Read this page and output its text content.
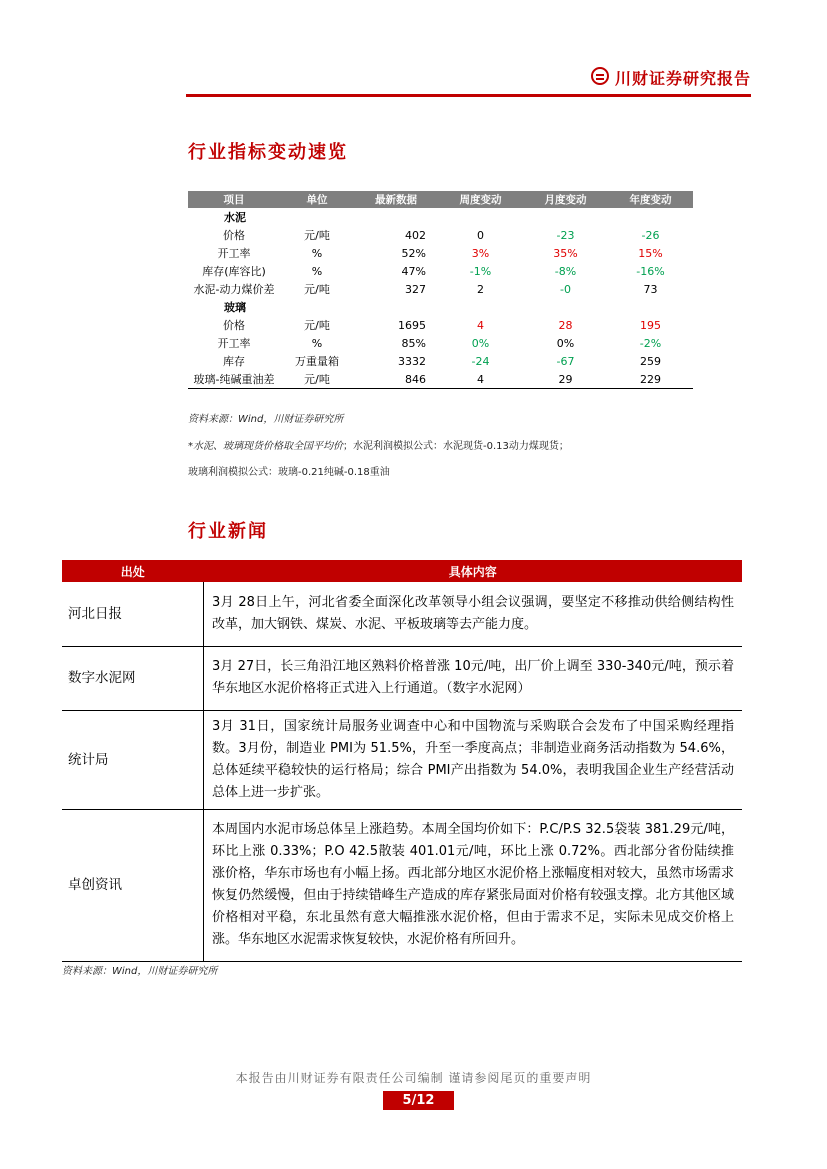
川财证券研究报告
行业指标变动速览
项目	单位	最新数据	周度变动	月度变动	年度变动
水泥					
价格	元/吨	402	0	-23	-26
开工率	%	52%	3%	35%	15%
库存(库容比)	%	47%	-1%	-8%	-16%
水泥-动力煤价差	元/吨	327	2	-0	73
玻璃					
价格	元/吨	1695	4	28	195
开工率	%	85%	0%	0%	-2%
库存	万重量箱	3332	-24	-67	259
玻璃-纯碱重油差	元/吨	846	4	29	229
资料来源：Wind，川财证券研究所
*水泥、玻璃现货价格取全国平均价；水泥利润模拟公式：水泥现货-0.13动力煤现货；
玻璃利润模拟公式：玻璃-0.21纯碱-0.18重油
行业新闻
出处	具体内容
河北日报	3月 28日上午，河北省委全面深化改革领导小组会议强调，要坚定不移推动供给侧结构性改革，加大钢铁、煤炭、水泥、平板玻璃等去产能力度。
数字水泥网	3月 27日，长三角沿江地区熟料价格普涨 10元/吨，出厂价上调至 330-340元/吨，预示着华东地区水泥价格将正式进入上行通道。（数字水泥网）
统计局	3月 31日，国家统计局服务业调查中心和中国物流与采购联合会发布了中国采购经理指数。3月份，制造业 PMI为 51.5%，升至一季度高点；非制造业商务活动指数为 54.6%，总体延续平稳较快的运行格局；综合 PMI产出指数为 54.0%，表明我国企业生产经营活动总体上进一步扩张。
卓创资讯	本周国内水泥市场总体呈上涨趋势。本周全国均价如下：P.C/P.S 32.5袋装 381.29元/吨，环比上涨 0.33%；P.O 42.5散装 401.01元/吨，环比上涨 0.72%。西北部分省份陆续推涨价格，华东市场也有小幅上扬。西北部分地区水泥价格上涨幅度相对较大，虽然市场需求恢复仍然缓慢，但由于持续错峰生产造成的库存紧张局面对价格有较强支撑。北方其他区域价格相对平稳，东北虽然有意大幅推涨水泥价格，但由于需求不足，实际未见成交价格上涨。华东地区水泥需求恢复较快，水泥价格有所回升。
资料来源：Wind，川财证券研究所
本报告由川财证券有限责任公司编制 谨请参阅尾页的重要声明
5/12
